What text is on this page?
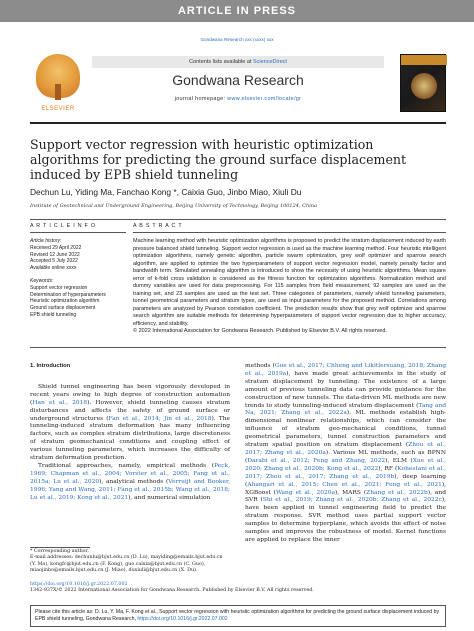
ARTICLE IN PRESS
Gondwana Research xxx (xxxx) xxx
ELSEVIER
Contents lists available at ScienceDirect
Gondwana Research
journal homepage: www.elsevier.com/locate/gr
Support vector regression with heuristic optimization algorithms for predicting the ground surface displacement induced by EPB shield tunneling
Dechun Lu, Yiding Ma, Fanchao Kong *, Caixia Guo, Jinbo Miao, Xiuli Du
Institute of Geotechnical and Underground Engineering, Beijing University of Technology, Beijing 100124, China
A R T I C L E I N F O	A B S T R A C T
Article history:
Received 29 April 2022
Revised 12 June 2022
Accepted 5 July 2022
Available online xxxx
Keywords:
Support vector regression
Determination of hyperparameters
Heuristic optimization algorithm
Ground surface displacement
EPB shield tunneling
Machine learning method with heuristic optimization algorithms is proposed to predict the stratum displacement induced by earth pressure balanced shield tunneling. Support vector regression is used as the machine learning method. Four heuristic intelligent optimization algorithms, namely genetic algorithm, particle swarm optimization, grey wolf optimizer and sparrow search algorithm, are applied to optimize the two hyperparameters of support vector regression model, namely penalty factor and bandwidth term. Simulated annealing algorithm is introduced to show the necessity of using heuristic algorithms. Mean square error of k-fold cross validation is considered as the fitness function for optimization algorithms. Normalization method and dummy variables are used for data preprocessing. For 115 samples from field measurement, 92 samples are used as the training set, and 23 samples are used as the test set. Three categories of parameters, namely shield tunneling parameters, tunnel geometrical parameters and stratum types, are used as input parameters for the proposed method. Correlations among parameters are analyzed by Pearson correlation coefficient. The prediction results show that grey wolf optimizer and sparrow search algorithm are suitable methods for determining hyperparameters of support vector regression due to higher accuracy, efficiency, and stability.
© 2022 International Association for Gondwana Research. Published by Elsevier B.V. All rights reserved.
1. Introduction

Shield tunnel engineering has been vigorously developed in recent years owing to high degree of construction automation (Han et al., 2018). However, shield tunneling causes stratum disturbances and affects the safety of ground surface or underground structures (Fan et al., 2014; Jin et al., 2018). The tunneling-induced stratum deformation has many influencing factors, such as complex stratum distributions, large discreteness of stratum geomechanical conditions and coupling effect of various tunneling parameters, which increases the difficulty of stratum deformation prediction.

Traditional approaches, namely, empirical methods (Peck, 1969; Chapman et al., 2004; Vorster et al., 2005; Fang et al., 2015a; Lu et al., 2020), analytical methods (Verruijt and Booker, 1996; Yang and Wang, 2011; Fang et al., 2015b; Wang et al., 2018; Lu et al., 2019; Kong et al., 2021), and numerical simulation

methods (Gue et al., 2017; Chheng and Likitlersuang, 2018; Zhang et al., 2019a), have made great achievements in the study of stratum displacement by tunneling. The existence of a large amount of previous tunneling data can provide guidance for the construction of new tunnels. The data-driven ML methods are new trends to study tunneling-induced stratum displacement (Tang and Na, 2021; Zhang et al., 2022a). ML methods establish high-dimensional nonlinear relationships, which can consider the influence of stratum geo-mechanical conditions, tunnel geometrical parameters, tunnel construction parameters and stratum spatial position on stratum displacement (Zhou et al., 2017; Zhang et al., 2020a). Various ML methods, such as BPNN (Darabi et al., 2012; Feng and Zhang, 2022), ELM (Xue et al., 2020; Zhang et al., 2020b; Kong et al., 2022), RF (Kohestani et al., 2017; Zhou et al., 2017; Zhang et al., 2019b), deep learning (Ahangari et al., 2015; Chen et al., 2021; Feng et al., 2021), XGBoost (Wang et al., 2020a), MARS (Zhang et al., 2022b), and SVR (Shi et al., 2019; Zhang et al., 2020b; Zhang et al., 2022c), have been applied in tunnel engineering field to predict the stratum response. SVR method uses partial support vector samples to determine hyperplane, which avoids the effect of noise samples and improves the robustness of model. Kernel functions are applied to replace the inner

* Corresponding author.
E-mail addresses: dechunlu@bjut.edu.cn (D. Lu), mayiding@emails.bjut.edu.cn (Y. Ma), kongfc@bjut.edu.cn (F. Kong), guo.caixia@bjut.edu.cn (C. Guo), miaojinbo@emails.bjut.edu.cn (J. Miao), duxiuli@bjut.edu.cn (X. Du).
https://doi.org/10.1016/j.gr.2022.07.002
1342-937X/© 2022 International Association for Gondwana Research. Published by Elsevier B.V. All rights reserved.
Please cite this article as: D. Lu, Y. Ma, F. Kong et al., Support vector regression with heuristic optimization algorithms for predicting the ground surface displacement induced by EPB shield tunneling, Gondwana Research, https://doi.org/10.1016/j.gr.2022.07.002
